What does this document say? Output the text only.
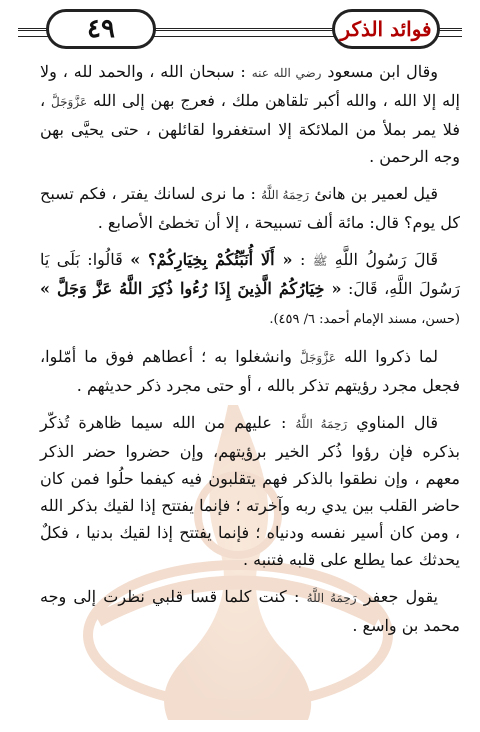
٤٩	فوائد الذكر

وقال ابن مسعود رضي الله عنه : سبحان الله ، والحمد لله ، ولا إله إلا الله ، والله أكبر تلقاهن ملك ، فعرج بهن إلى الله عَزَّوَجَلَّ ، فلا يمر بملأ من الملائكة إلا استغفروا لقائلهن ، حتى يحيَّى بهن وجه الرحمن .

قيل لعمير بن هانئ رَحِمَهُ اللَّهُ : ما نرى لسانك يفتر ، فكم تسبح كل يوم؟ قال: مائة ألف تسبيحة ، إلا أن تخطئ الأصابع .

قَالَ رَسُولُ اللَّهِ ﷺ : « أَلَا أُنَبِّئُكُمْ بِخِيَارِكُمْ؟ » قَالُوا: بَلَى يَا رَسُولَ اللَّهِ، قَالَ: « خِيَارُكُمُ الَّذِينَ إِذَا رُءُوا ذُكِرَ اللَّهُ عَزَّ وَجَلَّ » (حسن، مسند الإمام أحمد: ٦/ ٤٥٩).

لما ذكروا الله عَزَّوَجَلَّ وانشغلوا به ؛ أعطاهم فوق ما أمّلوا، فجعل مجرد رؤيتهم تذكر بالله ، أو حتى مجرد ذكر حديثهم .

قال المناوي رَحِمَهُ اللَّهُ : عليهم من الله سيما ظاهرة تُذكّر بذكره فإن رؤوا ذُكر الخير برؤيتهم، وإن حضروا حضر الذكر معهم ، وإن نطقوا بالذكر فهم يتقلبون فيه كيفما حلُوا فمن كان حاضر القلب بين يدي ربه وآخرته ؛ فإنما يفتتح إذا لقيك بذكر الله ، ومن كان أسير نفسه ودنياه ؛ فإنما يفتتح إذا لقيك بدنيا ، فكلٌ يحدثك عما يطلع على قلبه فتنبه .

يقول جعفر رَحِمَهُ اللَّهُ : كنت كلما قسا قلبي نظرت إلى وجه محمد بن واسع .
